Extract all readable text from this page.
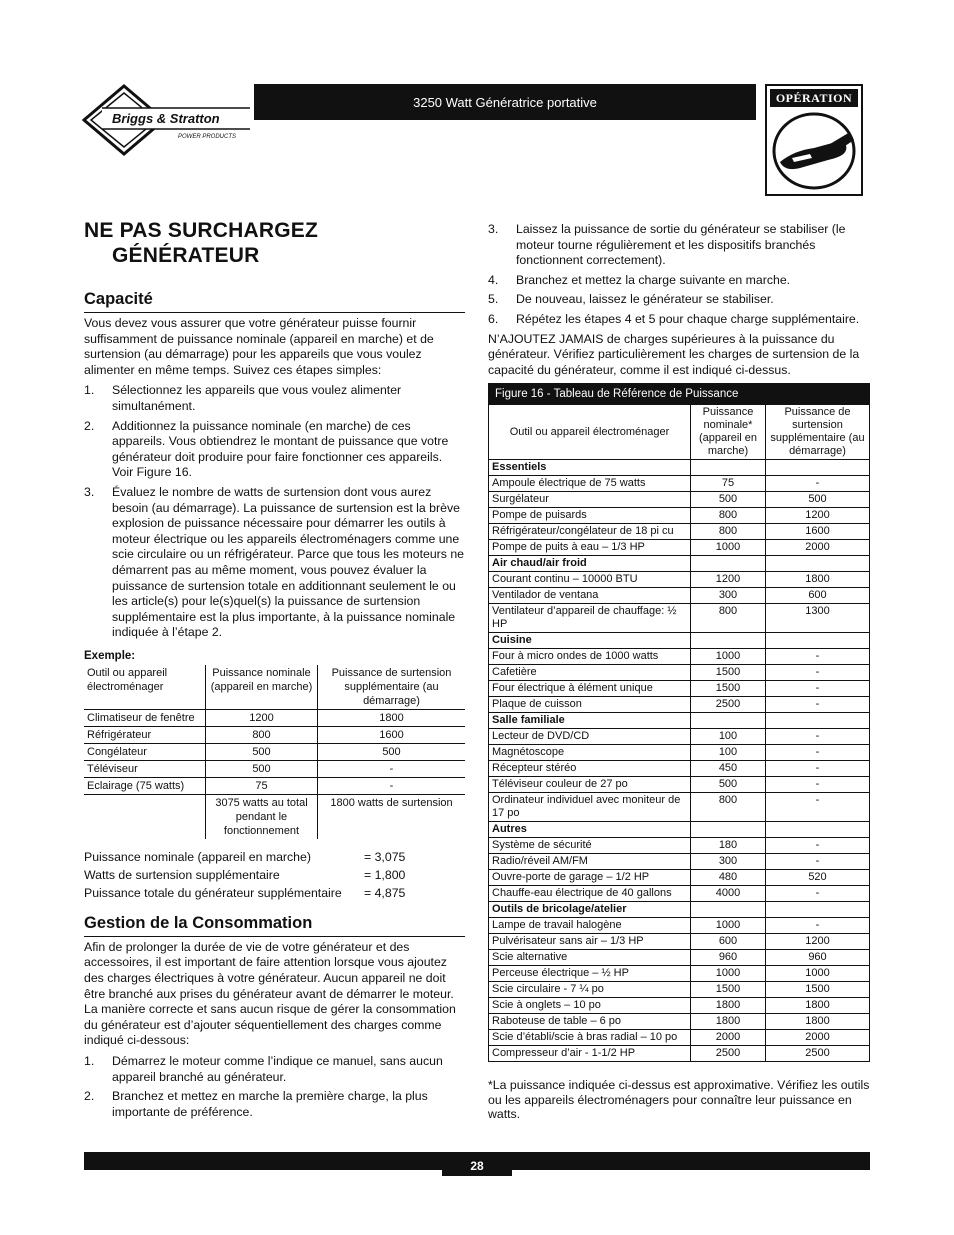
Briggs & Stratton
POWER PRODUCTS
3250 Watt Génératrice portative	OPÉRATION
NE PAS SURCHARGEZ
GÉNÉRATEUR
Capacité

Vous devez vous assurer que votre générateur puisse fournir suffisamment de puissance nominale (appareil en marche) et de surtension (au démarrage) pour les appareils que vous voulez alimenter en même temps. Suivez ces étapes simples:

1.	Sélectionnez les appareils que vous voulez alimenter simultanément.
2.	Additionnez la puissance nominale (en marche) de ces appareils. Vous obtiendrez le montant de puissance que votre générateur doit produire pour faire fonctionner ces appareils. Voir Figure 16.
3.	Évaluez le nombre de watts de surtension dont vous aurez besoin (au démarrage). La puissance de surtension est la brève explosion de puissance nécessaire pour démarrer les outils à moteur électrique ou les appareils électroménagers comme une scie circulaire ou un réfrigérateur. Parce que tous les moteurs ne démarrent pas au même moment, vous pouvez évaluer la puissance de surtension totale en additionnant seulement le ou les article(s) pour le(s)quel(s) la puissance de surtension supplémentaire est la plus importante, à la puissance nominale indiquée à l’étape 2.
Exemple:
Outil ou appareil électroménager	Puissance nominale (appareil en marche)	Puissance de surtension supplémentaire (au démarrage)
Climatiseur de fenêtre	1200	1800
Réfrigérateur	800	1600
Congélateur	500	500
Téléviseur	500	-
Eclairage (75 watts)	75	-
	3075 watts au total pendant le fonctionnement	1800 watts de surtension
Puissance nominale (appareil en marche)	= 3,075
Watts de surtension supplémentaire	= 1,800
Puissance totale du générateur supplémentaire = 4,875
Gestion de la Consommation

Afin de prolonger la durée de vie de votre générateur et des accessoires, il est important de faire attention lorsque vous ajoutez des charges électriques à votre générateur. Aucun appareil ne doit être branché aux prises du générateur avant de démarrer le moteur. La manière correcte et sans aucun risque de gérer la consommation du générateur est d’ajouter séquentiellement des charges comme indiqué ci-dessous:

1.	Démarrez le moteur comme l’indique ce manuel, sans aucun appareil branché au générateur.
2.	Branchez et mettez en marche la première charge, la plus importante de préférence.
3.	Laissez la puissance de sortie du générateur se stabiliser (le moteur tourne régulièrement et les dispositifs branchés fonctionnent correctement).
4.	Branchez et mettez la charge suivante en marche.
5.	De nouveau, laissez le générateur se stabiliser.
6.	Répétez les étapes 4 et 5 pour chaque charge supplémentaire.

N’AJOUTEZ JAMAIS de charges supérieures à la puissance du générateur. Vérifiez particulièrement les charges de surtension de la capacité du générateur, comme il est indiqué ci-dessus.

Figure 16 - Tableau de Référence de Puissance
Outil ou appareil électroménager	Puissance nominale* (appareil en marche)	Puissance de surtension supplémentaire (au démarrage)
Essentiels		
Ampoule électrique de 75 watts	75	-
Surgélateur	500	500
Pompe de puisards	800	1200
Réfrigérateur/congélateur de 18 pi cu	800	1600
Pompe de puits à eau – 1/3 HP	1000	2000
Air chaud/air froid		
Courant continu – 10000 BTU	1200	1800
Ventilador de ventana	300	600
Ventilateur d’appareil de chauffage: ½ HP	800	1300
Cuisine		
Four à micro ondes de 1000 watts	1000	-
Cafetière	1500	-
Four électrique à élément unique	1500	-
Plaque de cuisson	2500	-
Salle familiale		
Lecteur de DVD/CD	100	-
Magnétoscope	100	-
Récepteur stéréo	450	-
Téléviseur couleur de 27 po	500	-
Ordinateur individuel avec moniteur de 17 po	800	-
Autres		
Système de sécurité	180	-
Radio/réveil AM/FM	300	-
Ouvre-porte de garage – 1/2 HP	480	520
Chauffe-eau électrique de 40 gallons	4000	-
Outils de bricolage/atelier		
Lampe de travail halogène	1000	-
Pulvérisateur sans air – 1/3 HP	600	1200
Scie alternative	960	960
Perceuse électrique – ½ HP	1000	1000
Scie circulaire - 7 ¼ po	1500	1500
Scie à onglets – 10 po	1800	1800
Raboteuse de table – 6 po	1800	1800
Scie d’établi/scie à bras radial – 10 po	2000	2000
Compresseur d’air - 1-1/2 HP	2500	2500

*La puissance indiquée ci-dessus est approximative. Vérifiez les outils ou les appareils électroménagers pour connaître leur puissance en watts.

28
